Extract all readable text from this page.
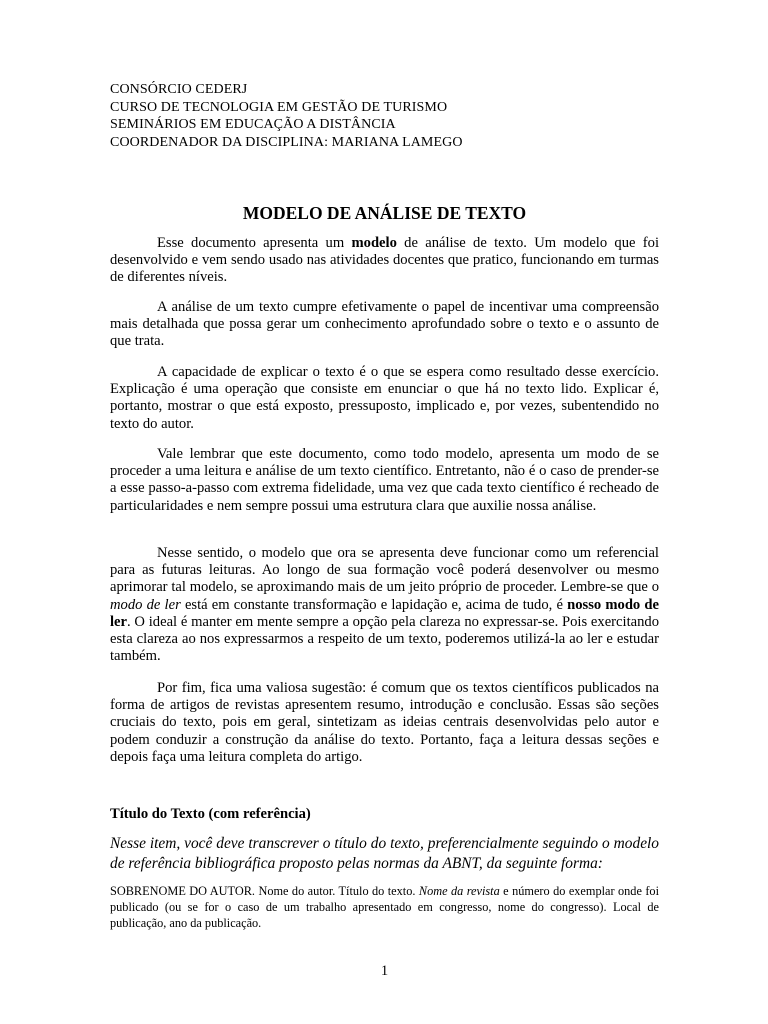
CONSÓRCIO CEDERJ
CURSO DE TECNOLOGIA EM GESTÃO DE TURISMO
SEMINÁRIOS EM EDUCAÇÃO A DISTÂNCIA
COORDENADOR DA DISCIPLINA: MARIANA LAMEGO
MODELO DE ANÁLISE DE TEXTO

Esse documento apresenta um modelo de análise de texto. Um modelo que foi desenvolvido e vem sendo usado nas atividades docentes que pratico, funcionando em turmas de diferentes níveis.

A análise de um texto cumpre efetivamente o papel de incentivar uma compreensão mais detalhada que possa gerar um conhecimento aprofundado sobre o texto e o assunto de que trata.

A capacidade de explicar o texto é o que se espera como resultado desse exercício. Explicação é uma operação que consiste em enunciar o que há no texto lido. Explicar é, portanto, mostrar o que está exposto, pressuposto, implicado e, por vezes, subentendido no texto do autor.

Vale lembrar que este documento, como todo modelo, apresenta um modo de se proceder a uma leitura e análise de um texto científico. Entretanto, não é o caso de prender-se a esse passo-a-passo com extrema fidelidade, uma vez que cada texto científico é recheado de particularidades e nem sempre possui uma estrutura clara que auxilie nossa análise.

Nesse sentido, o modelo que ora se apresenta deve funcionar como um referencial para as futuras leituras. Ao longo de sua formação você poderá desenvolver ou mesmo aprimorar tal modelo, se aproximando mais de um jeito próprio de proceder. Lembre-se que o modo de ler está em constante transformação e lapidação e, acima de tudo, é nosso modo de ler. O ideal é manter em mente sempre a opção pela clareza no expressar-se. Pois exercitando esta clareza ao nos expressarmos a respeito de um texto, poderemos utilizá-la ao ler e estudar também.

Por fim, fica uma valiosa sugestão: é comum que os textos científicos publicados na forma de artigos de revistas apresentem resumo, introdução e conclusão. Essas são seções cruciais do texto, pois em geral, sintetizam as ideias centrais desenvolvidas pelo autor e podem conduzir a construção da análise do texto. Portanto, faça a leitura dessas seções e depois faça uma leitura completa do artigo.

Título do Texto (com referência)

Nesse item, você deve transcrever o título do texto, preferencialmente seguindo o modelo de referência bibliográfica proposto pelas normas da ABNT, da seguinte forma:

SOBRENOME DO AUTOR. Nome do autor. Título do texto. Nome da revista e número do exemplar onde foi publicado (ou se for o caso de um trabalho apresentado em congresso, nome do congresso). Local de publicação, ano da publicação.

1
